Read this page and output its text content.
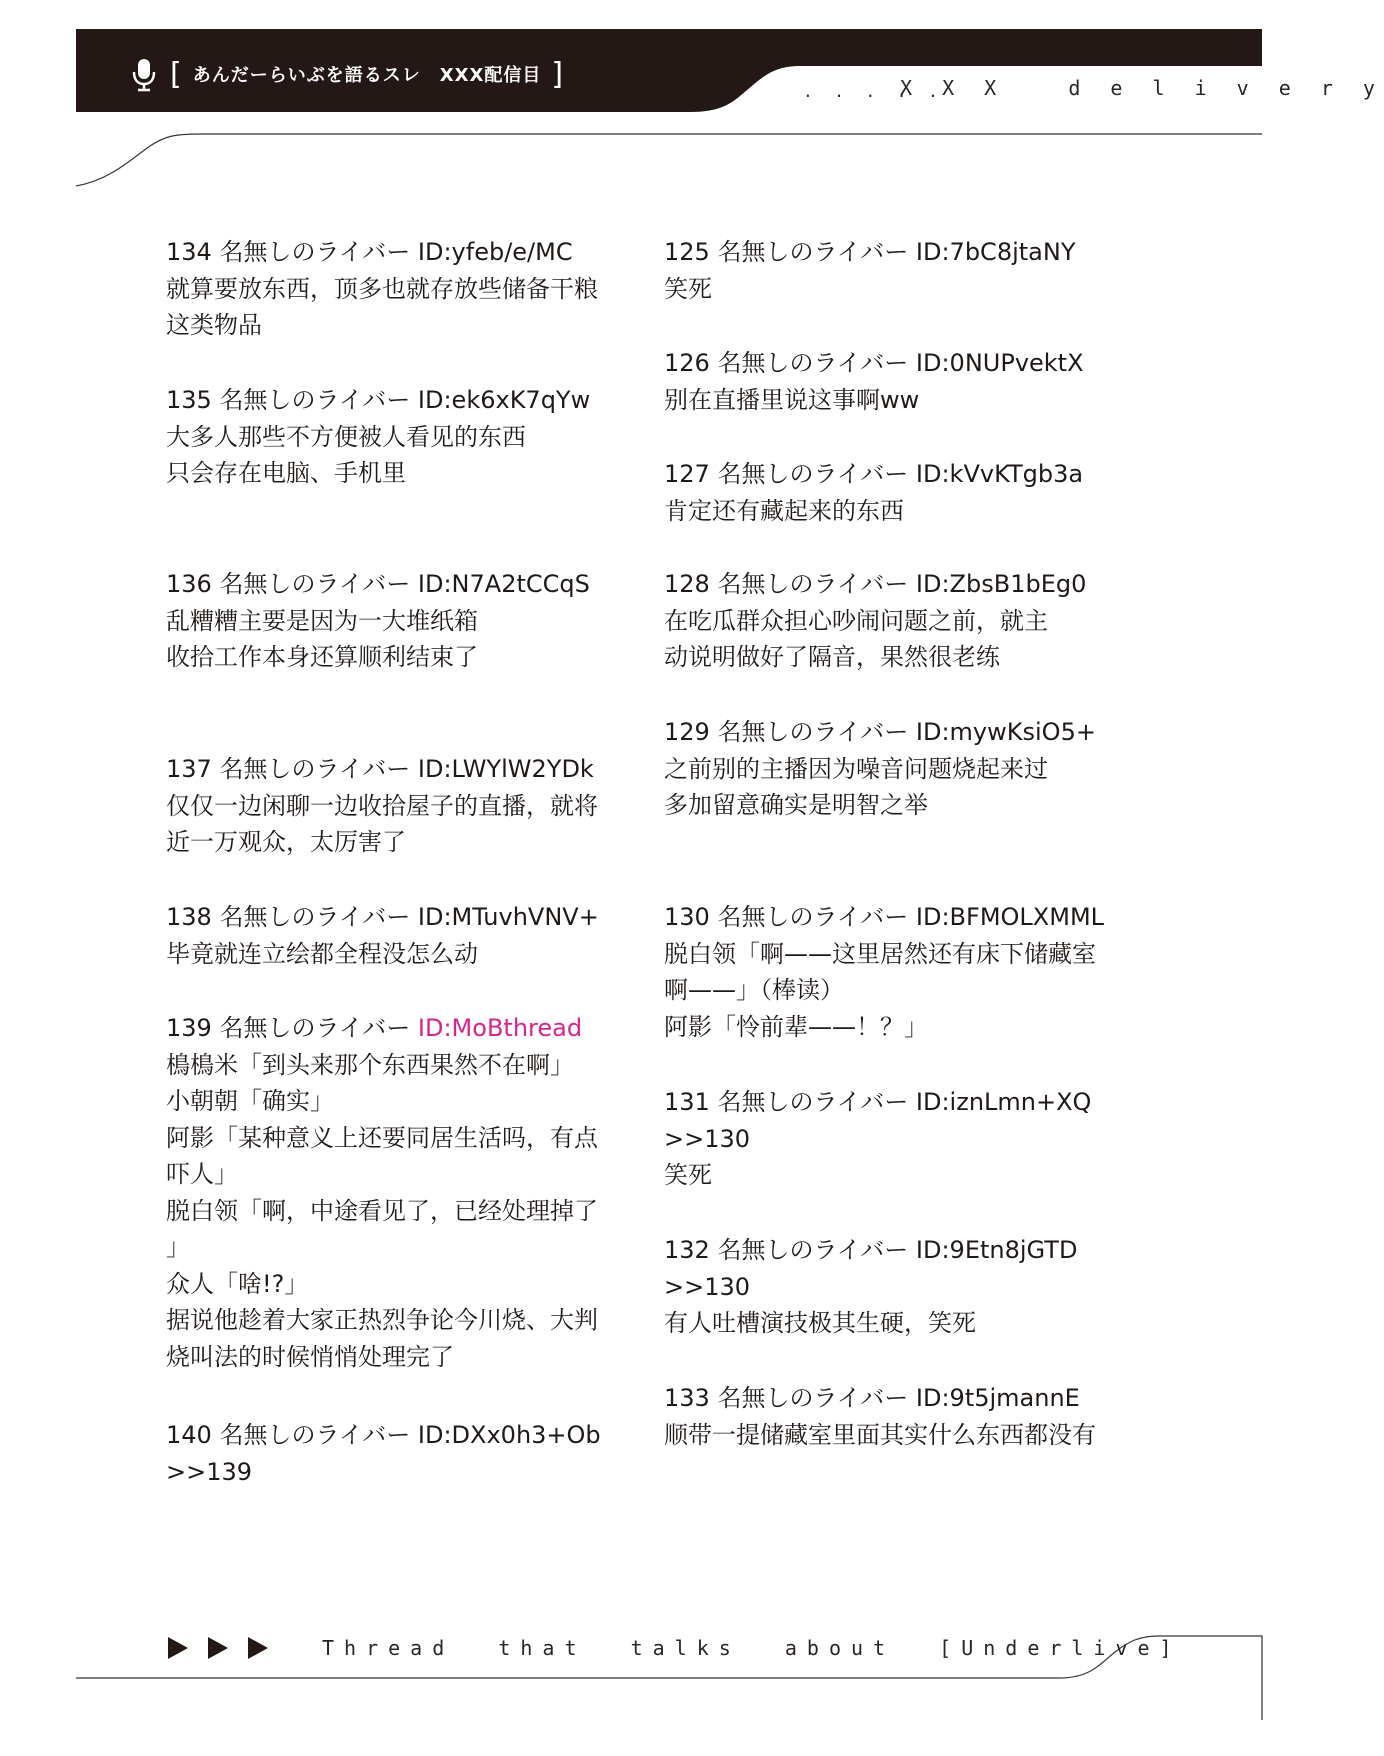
[ あんだーらいぶを語るスレ　XXX配信目 ]	. . . . .
X X X   d e l i v e r y
134 名無しのライバー ID:yfeb/e/MC
就算要放东西，顶多也就存放些储备干粮
这类物品
135 名無しのライバー ID:ek6xK7qYw
大多人那些不方便被人看见的东西
只会存在电脑、手机里
136 名無しのライバー ID:N7A2tCCqS
乱糟糟主要是因为一大堆纸箱
收拾工作本身还算顺利结束了
137 名無しのライバー ID:LWYlW2YDk
仅仅一边闲聊一边收拾屋子的直播，就将
近一万观众，太厉害了
138 名無しのライバー ID:MTuvhVNV+
毕竟就连立绘都全程没怎么动
139 名無しのライバー ID:MoBthread
樢樢米「到头来那个东西果然不在啊」
小朝朝「确实」
阿影「某种意义上还要同居生活吗，有点
吓人」
脱白领「啊，中途看见了，已经处理掉了
」
众人「啥!?」
据说他趁着大家正热烈争论今川烧、大判
烧叫法的时候悄悄处理完了
140 名無しのライバー ID:DXx0h3+Ob
>>139
125 名無しのライバー ID:7bC8jtaNY
笑死
126 名無しのライバー ID:0NUPvektX
别在直播里说这事啊ww
127 名無しのライバー ID:kVvKTgb3a
肯定还有藏起来的东西
128 名無しのライバー ID:ZbsB1bEg0
在吃瓜群众担心吵闹问题之前，就主
动说明做好了隔音，果然很老练
129 名無しのライバー ID:mywKsiO5+
之前别的主播因为噪音问题烧起来过
多加留意确实是明智之举
130 名無しのライバー ID:BFMOLXMML
脱白领「啊——这里居然还有床下储藏室
啊——」（棒读）
阿影「怜前辈——！？」
131 名無しのライバー ID:iznLmn+XQ
>>130
笑死
132 名無しのライバー ID:9Etn8jGTD
>>130
有人吐槽演技极其生硬，笑死
133 名無しのライバー ID:9t5jmannE
顺带一提储藏室里面其实什么东西都没有
Thread  that  talks  about  [Underlive]
